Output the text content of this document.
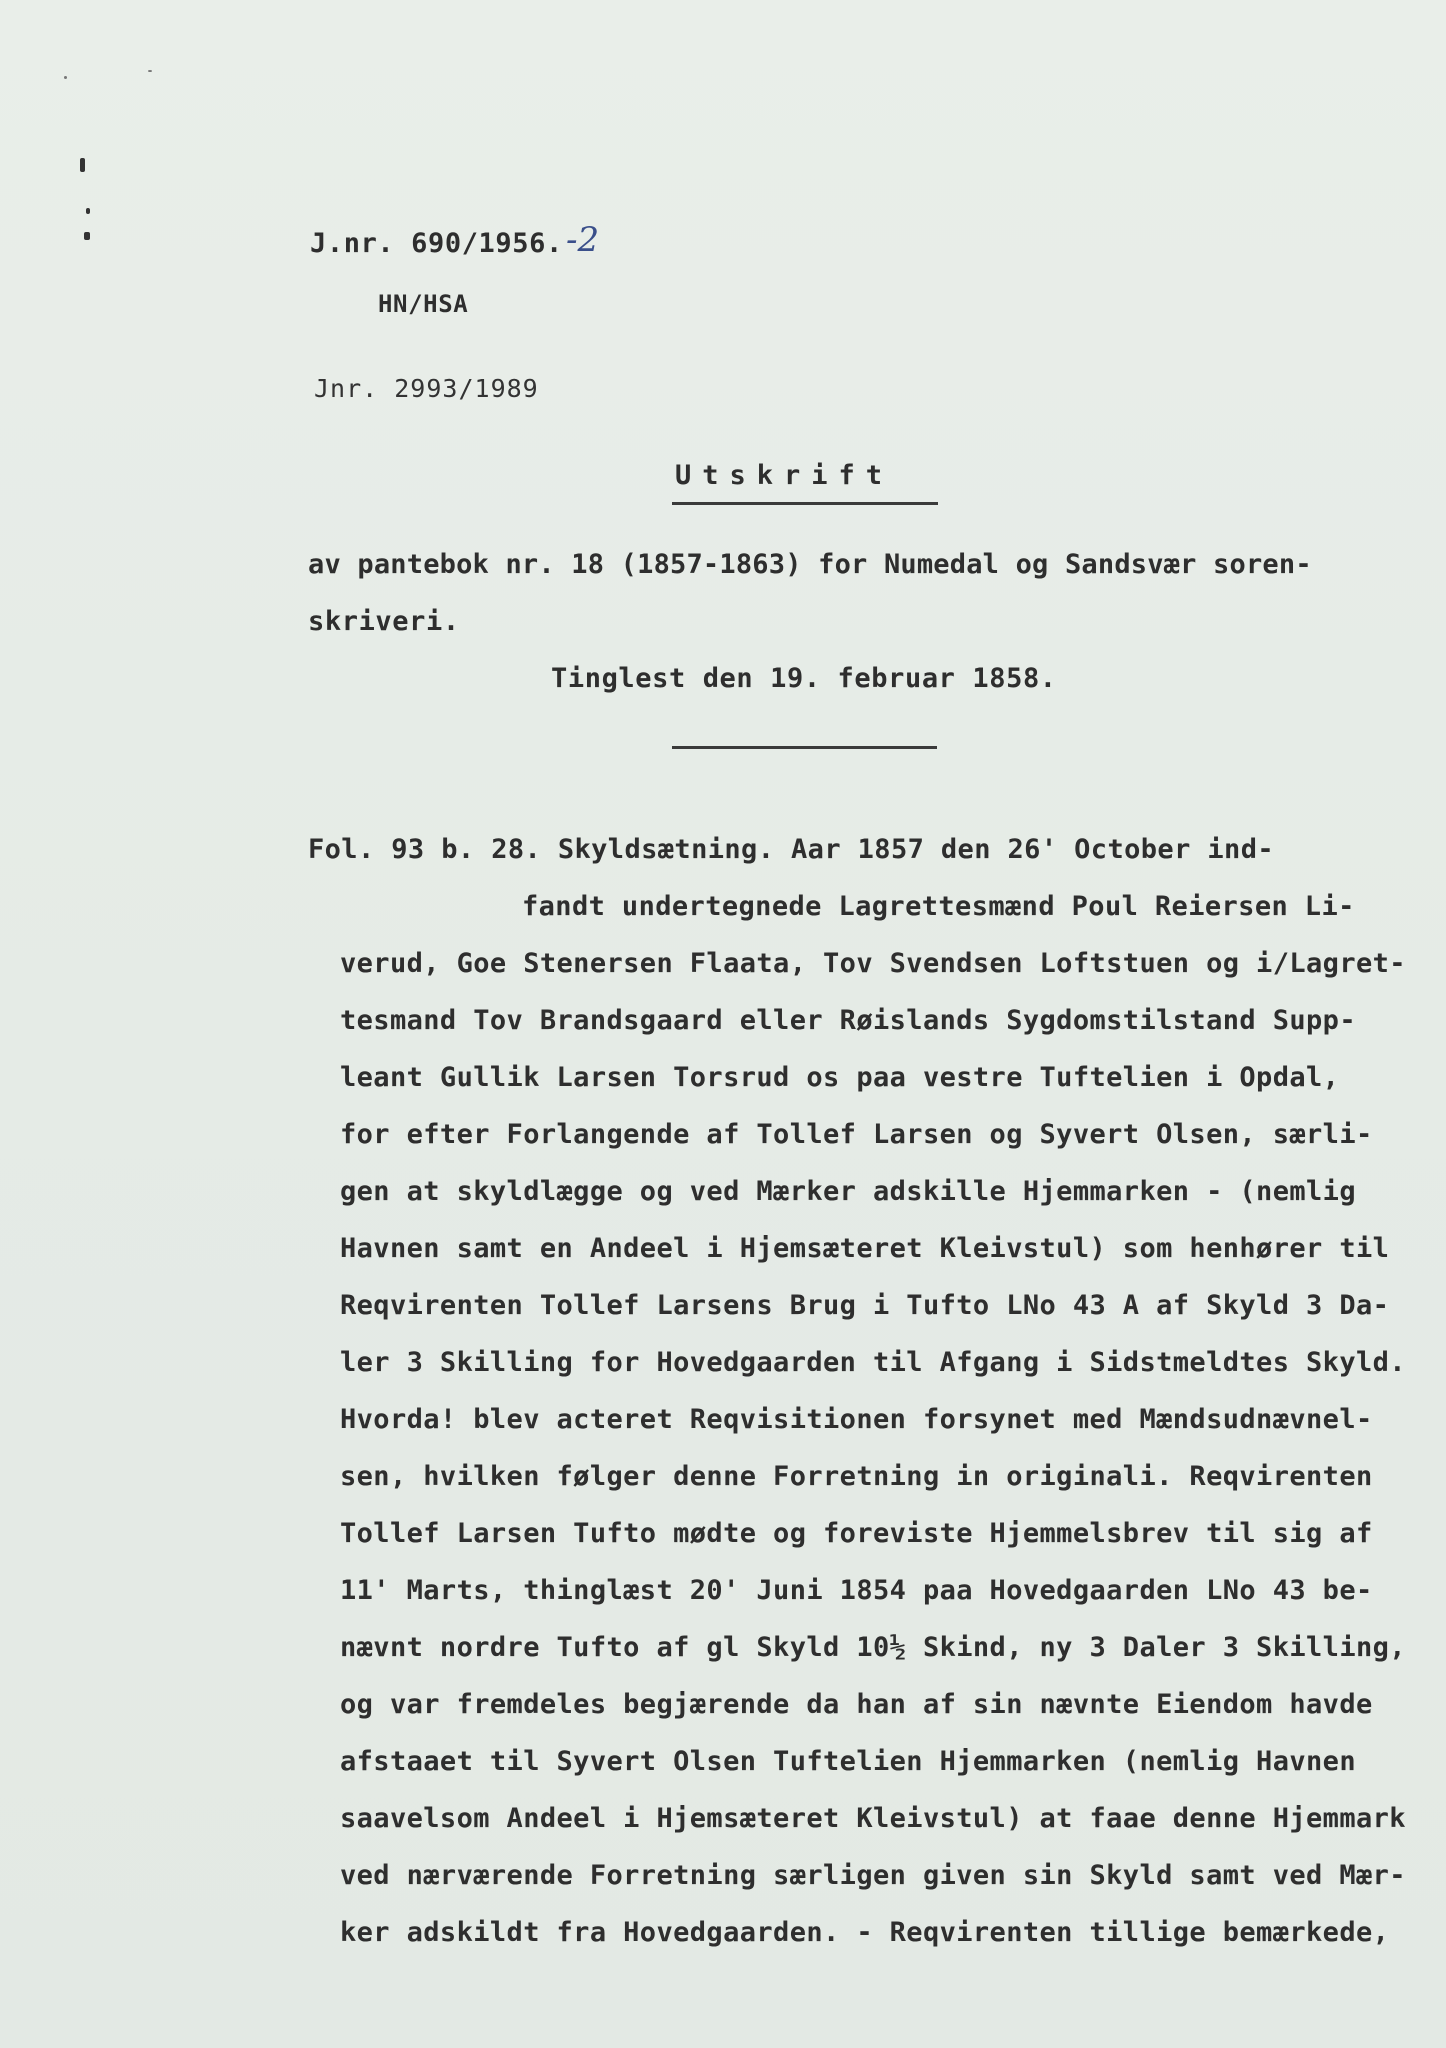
J.nr. 690/1956. -2
HN/HSA
Jnr. 2993/1989
Utskrift
av pantebok nr. 18 (1857-1863) for Numedal og Sandsvær soren-
skriveri.
Tinglest den 19. februar 1858.
Fol. 93 b. 28. Skyldsætning. Aar 1857 den 26' October ind-
fandt undertegnede Lagrettesmænd Poul Reiersen Li-
verud, Goe Stenersen Flaata, Tov Svendsen Loftstuen og i/Lagret-
tesmand Tov Brandsgaard eller Røislands Sygdomstilstand Supp-
leant Gullik Larsen Torsrud os paa vestre Tuftelien i Opdal,
for efter Forlangende af Tollef Larsen og Syvert Olsen, særli-
gen at skyldlægge og ved Mærker adskille Hjemmarken - (nemlig
Havnen samt en Andeel i Hjemsæteret Kleivstul) som henhører til
Reqvirenten Tollef Larsens Brug i Tufto LNo 43 A af Skyld 3 Da-
ler 3 Skilling for Hovedgaarden til Afgang i Sidstmeldtes Skyld.
Hvorda! blev acteret Reqvisitionen forsynet med Mændsudnævnel-
sen, hvilken følger denne Forretning in originali. Reqvirenten
Tollef Larsen Tufto mødte og foreviste Hjemmelsbrev til sig af
11' Marts, thinglæst 20' Juni 1854 paa Hovedgaarden LNo 43 be-
nævnt nordre Tufto af gl Skyld 10½ Skind, ny 3 Daler 3 Skilling,
og var fremdeles begjærende da han af sin nævnte Eiendom havde
afstaaet til Syvert Olsen Tuftelien Hjemmarken (nemlig Havnen
saavelsom Andeel i Hjemsæteret Kleivstul) at faae denne Hjemmark
ved nærværende Forretning særligen given sin Skyld samt ved Mær-
ker adskildt fra Hovedgaarden. - Reqvirenten tillige bemærkede,
